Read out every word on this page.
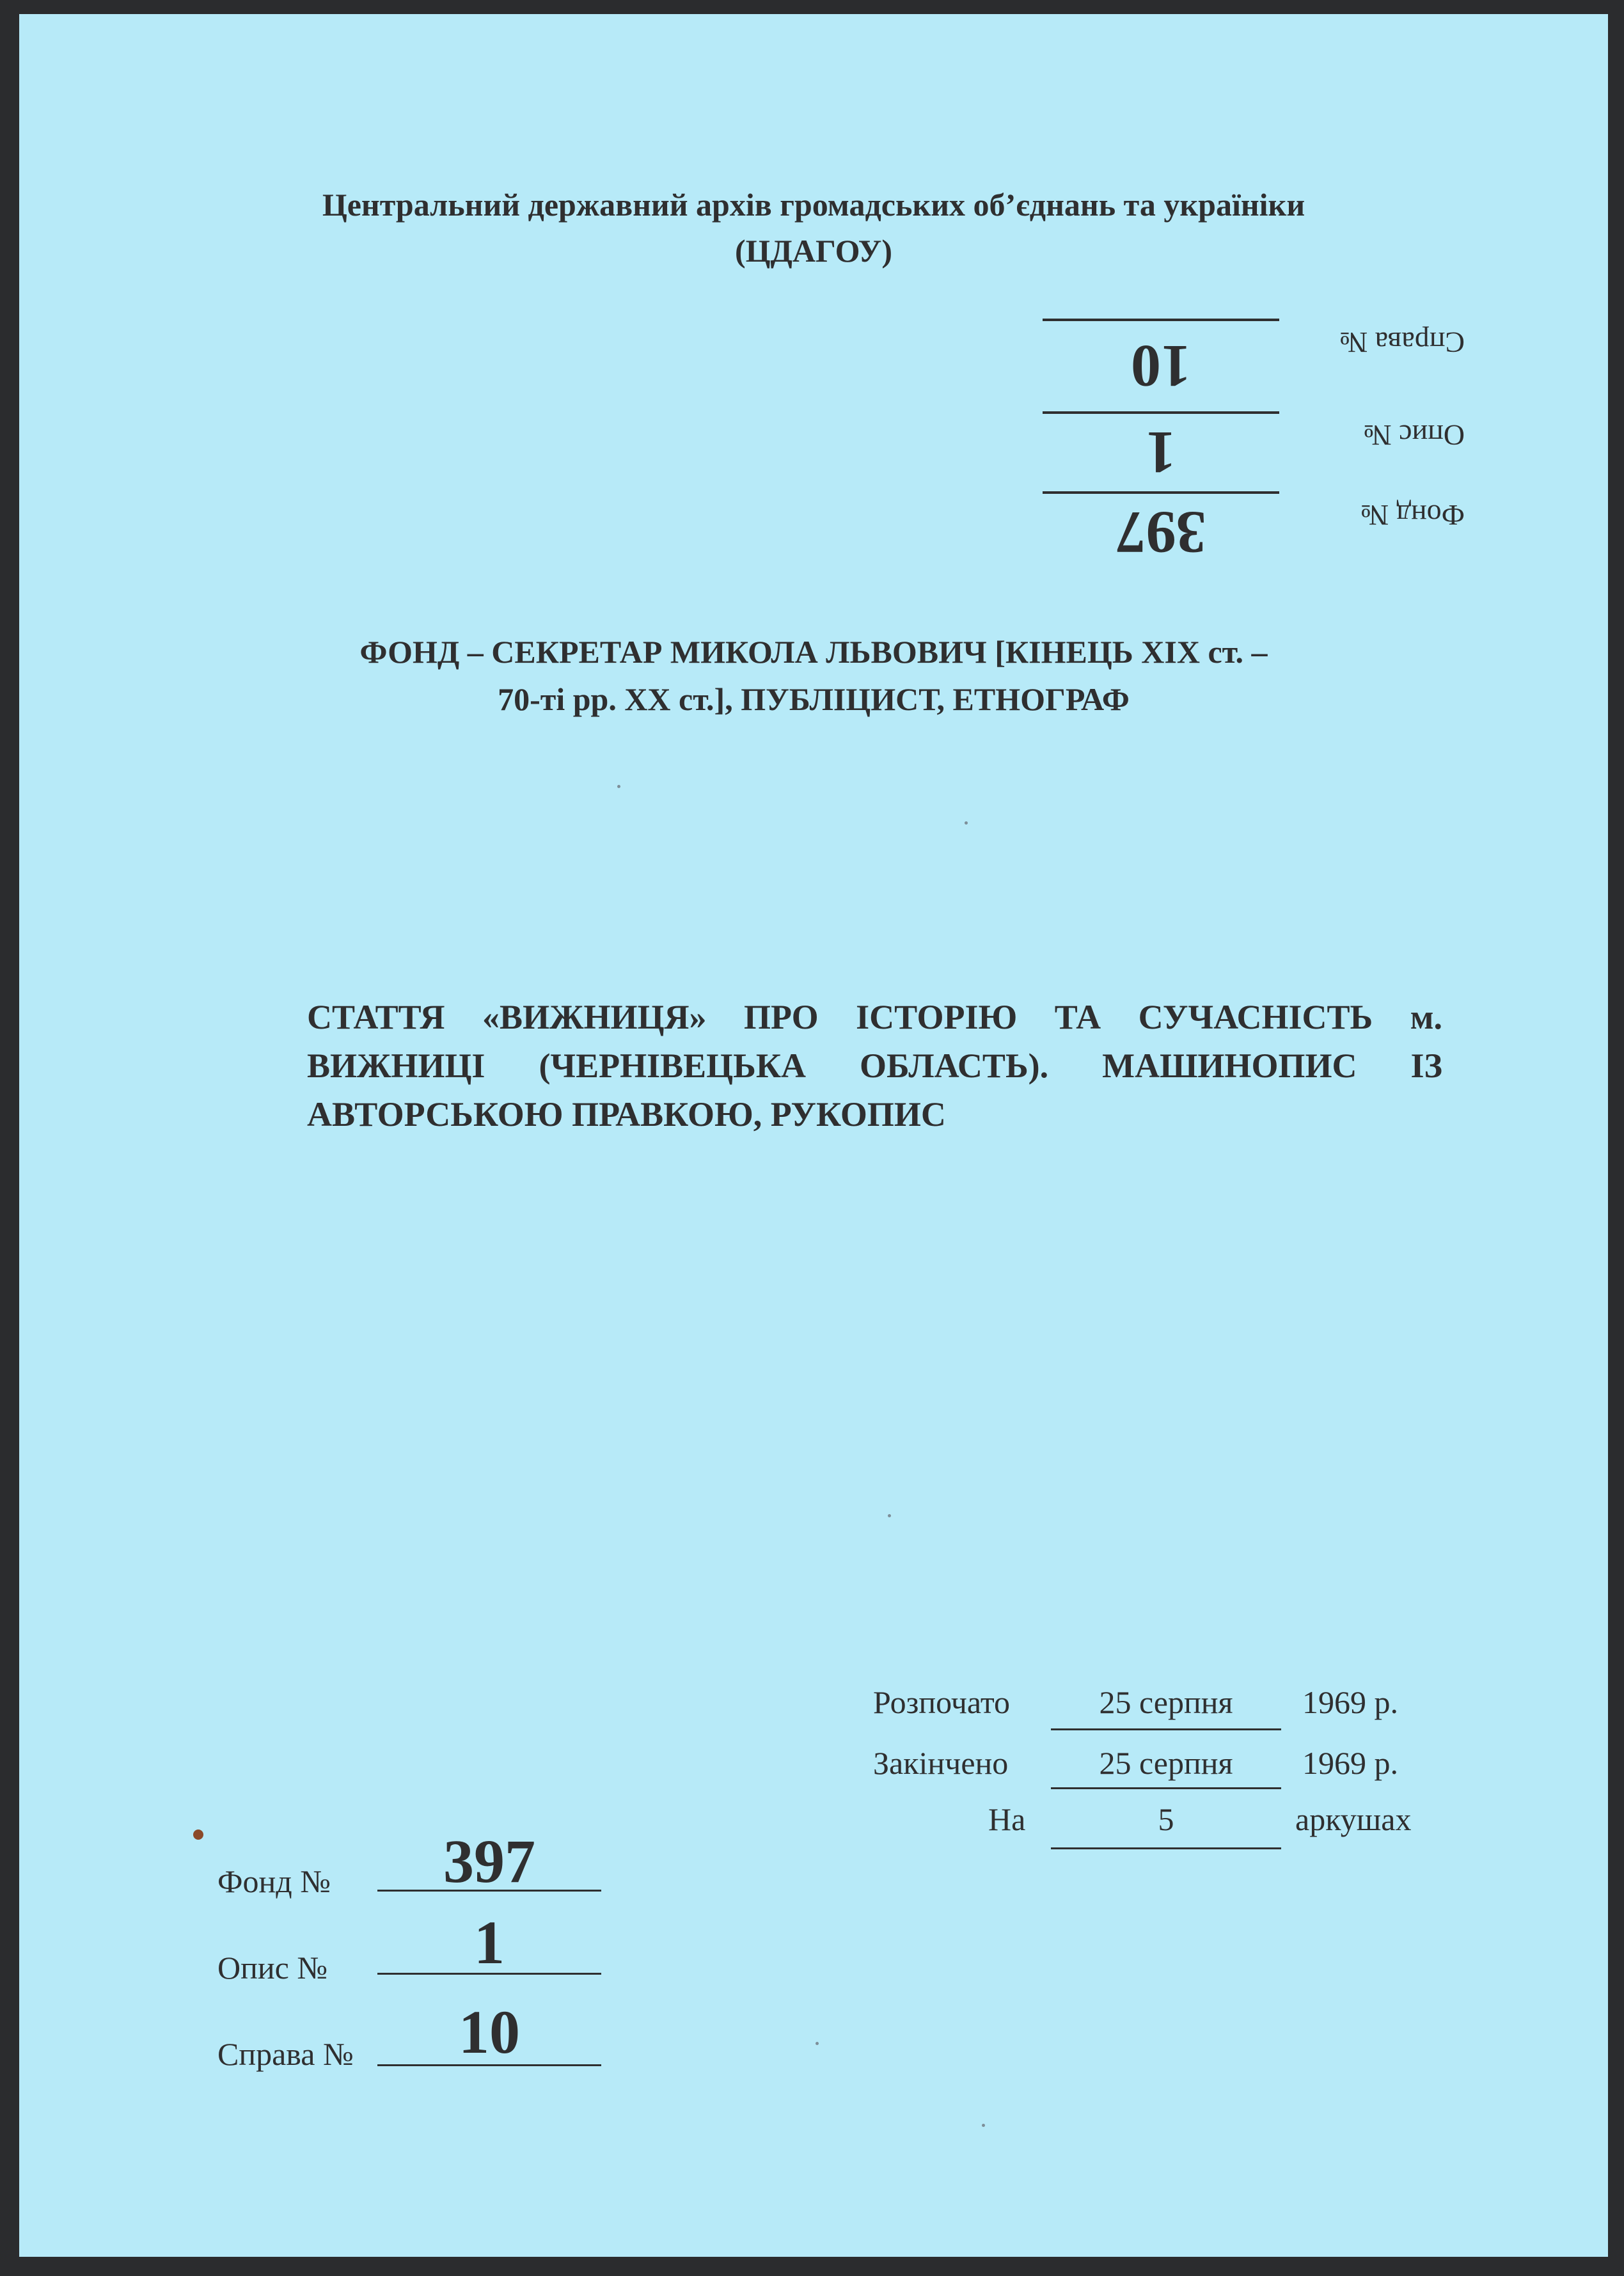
Центральний державний архів громадських об’єднань та україніки
(ЦДАГОУ)
397	Фонд №
1	Опис №
10	Справа №
ФОНД – СЕКРЕТАР МИКОЛА ЛЬВОВИЧ [КІНЕЦЬ XIX ст. –
70-ті рр. XX ст.], ПУБЛІЦИСТ, ЕТНОГРАФ
СТАТТЯ «ВИЖНИЦЯ» ПРО ІСТОРІЮ ТА СУЧАСНІСТЬ м. ВИЖНИЦІ (ЧЕРНІВЕЦЬКА ОБЛАСТЬ). МАШИНОПИС ІЗ АВТОРСЬКОЮ ПРАВКОЮ, РУКОПИС
Розпочато	25 серпня	1969 р.
Закінчено	25 серпня	1969 р.
На	5	аркушах
Фонд №	397
Опис №	1
Справа №	10
